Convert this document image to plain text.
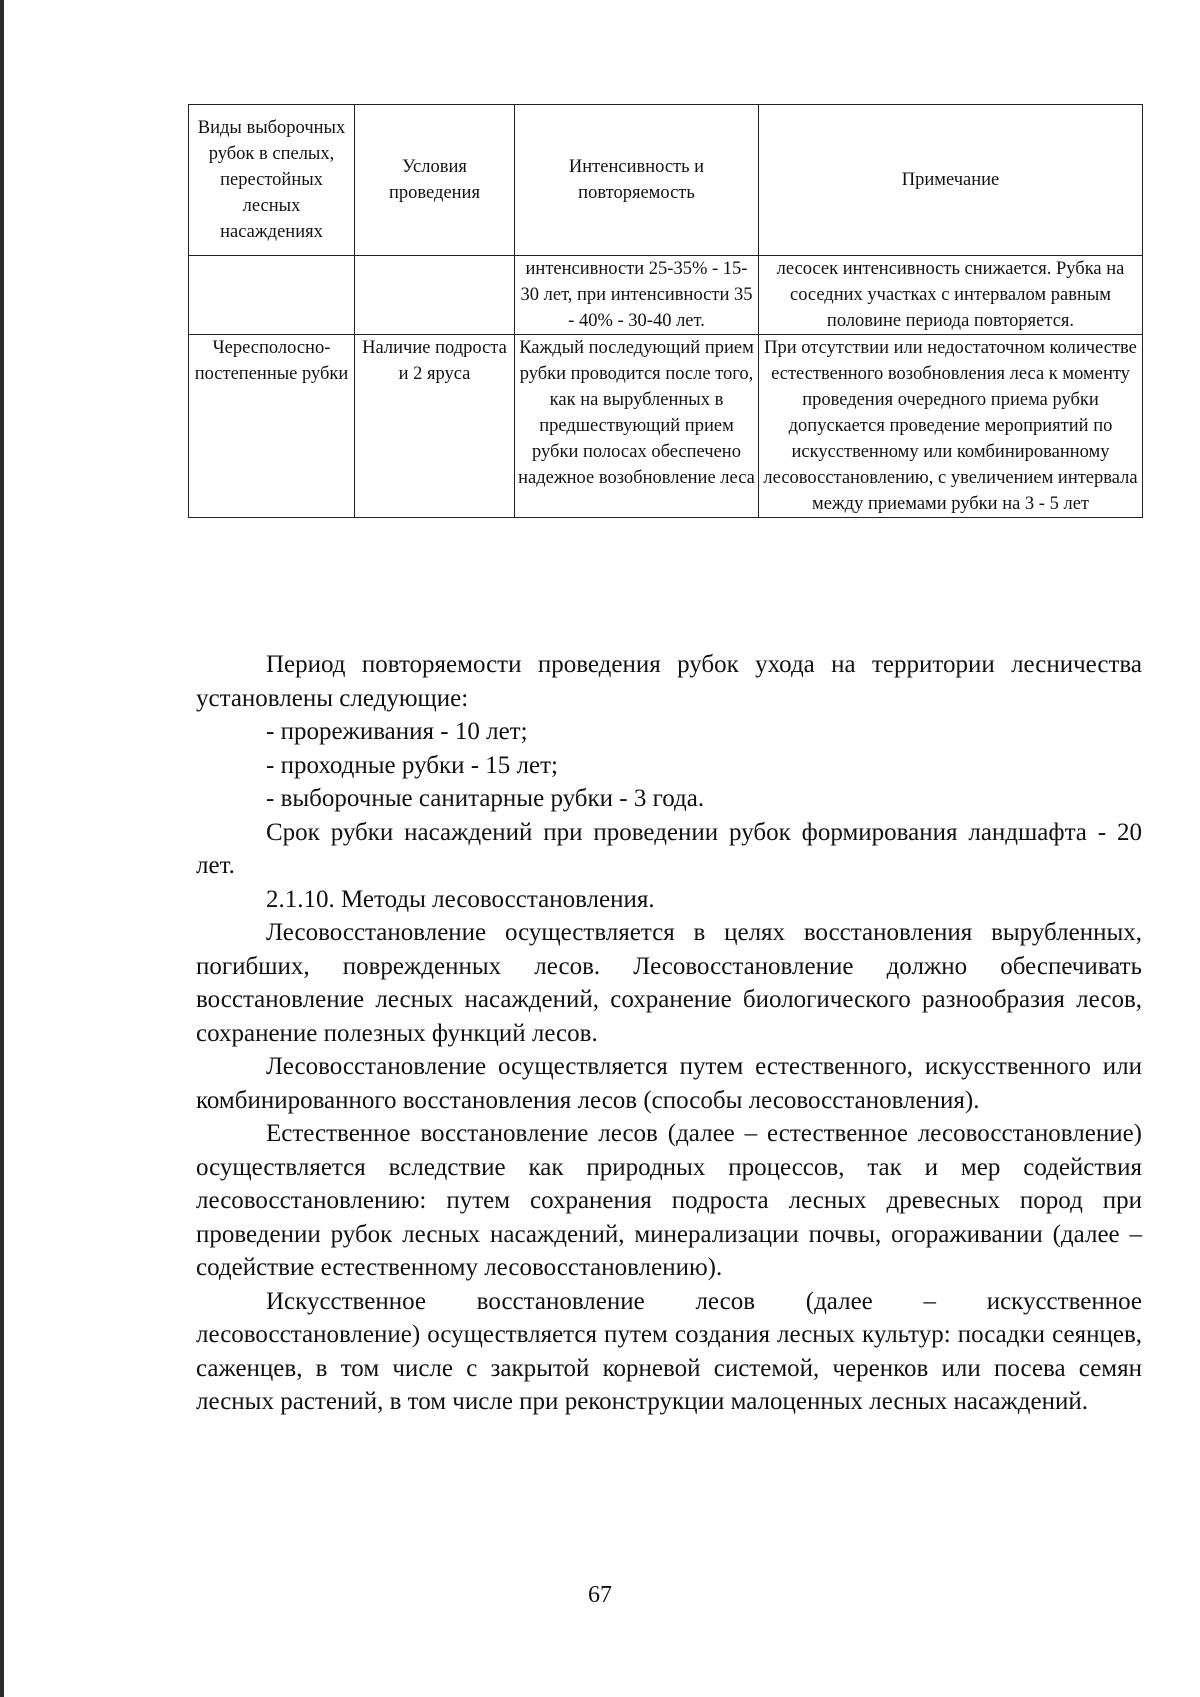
Виды выборочных рубок в спелых, перестойных лесных насаждениях	Условия проведения	Интенсивность и повторяемость	Примечание
		интенсивности 25-35% - 15-30 лет, при интенсивности 35 - 40% - 30-40 лет.	лесосек интенсивность снижается. Рубка на соседних участках с интервалом равным половине периода повторяется.
Чересполосно-постепенные рубки	Наличие подроста и 2 яруса	Каждый последующий прием рубки проводится после того, как на вырубленных в предшествующий прием рубки полосах обеспечено надежное возобновление леса	При отсутствии или недостаточном количестве естественного возобновления леса к моменту проведения очередного приема рубки допускается проведение мероприятий по искусственному или комбинированному лесовосстановлению, с увеличением интервала между приемами рубки на 3 - 5 лет

Период повторяемости проведения рубок ухода на территории лесничества установлены следующие:

- прореживания - 10 лет;

- проходные рубки - 15 лет;

- выборочные санитарные рубки - 3 года.

Срок рубки насаждений при проведении рубок формирования ландшафта - 20 лет.

2.1.10. Методы лесовосстановления.

Лесовосстановление осуществляется в целях восстановления вырубленных, погибших, поврежденных лесов. Лесовосстановление должно обеспечивать восстановление лесных насаждений, сохранение биологического разнообразия лесов, сохранение полезных функций лесов.

Лесовосстановление осуществляется путем естественного, искусственного или комбинированного восстановления лесов (способы лесовосстановления).

Естественное восстановление лесов (далее – естественное лесовосстановление) осуществляется вследствие как природных процессов, так и мер содействия лесовосстановлению: путем сохранения подроста лесных древесных пород при проведении рубок лесных насаждений, минерализации почвы, огораживании (далее – содействие естественному лесовосстановлению).

Искусственное восстановление лесов (далее – искусственное лесовосстановление) осуществляется путем создания лесных культур: посадки сеянцев, саженцев, в том числе с закрытой корневой системой, черенков или посева семян лесных растений, в том числе при реконструкции малоценных лесных насаждений.

67
